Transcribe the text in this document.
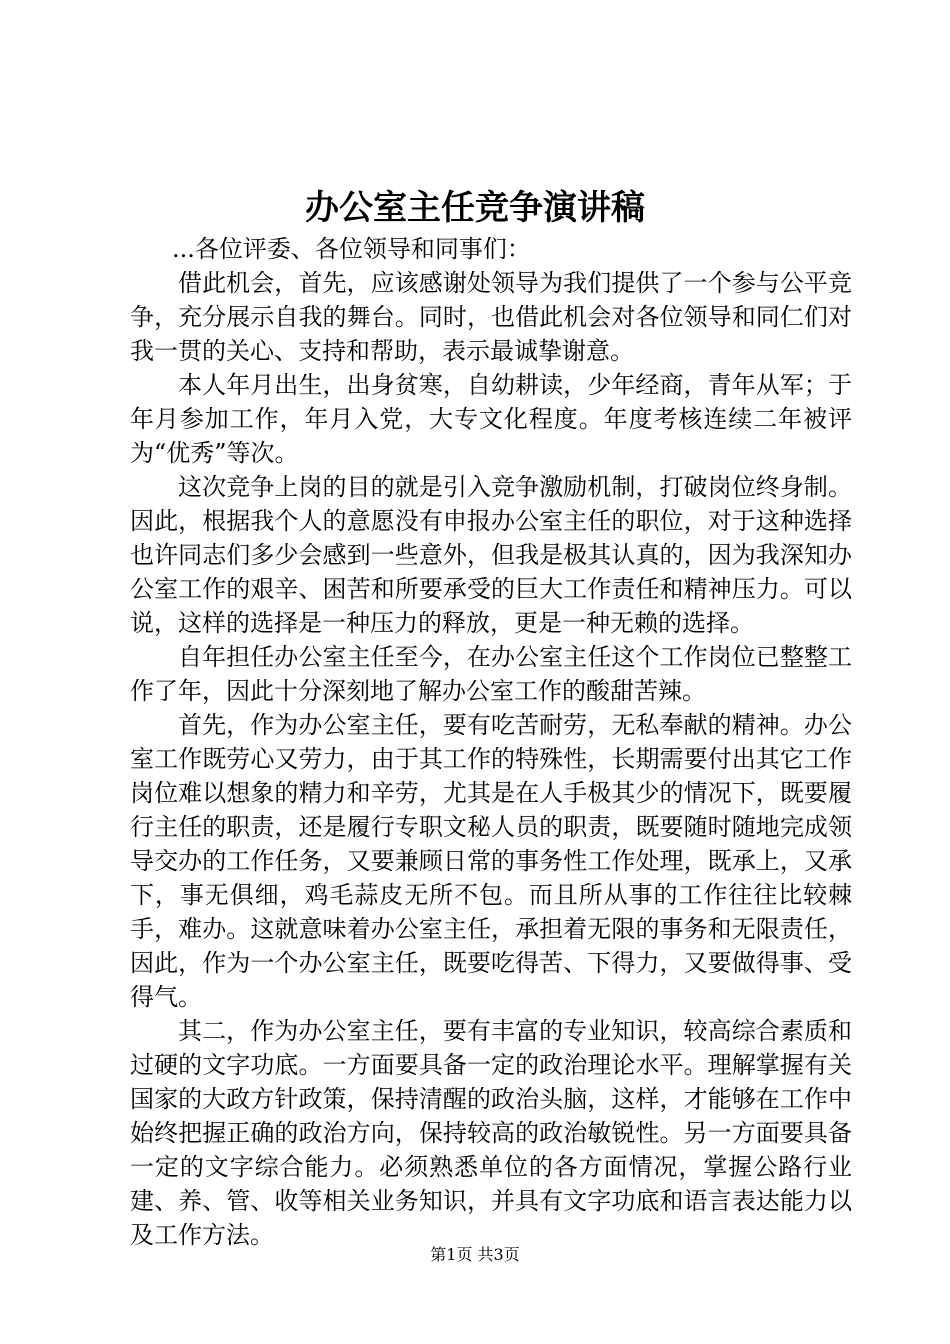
办公室主任竞争演讲稿

...各位评委、各位领导和同事们：

借此机会，首先，应该感谢处领导为我们提供了一个参与公平竞争，充分展示自我的舞台。同时，也借此机会对各位领导和同仁们对我一贯的关心、支持和帮助，表示最诚挚谢意。

本人年月出生，出身贫寒，自幼耕读，少年经商，青年从军；于年月参加工作，年月入党，大专文化程度。年度考核连续二年被评为“优秀”等次。

这次竞争上岗的目的就是引入竞争激励机制，打破岗位终身制。因此，根据我个人的意愿没有申报办公室主任的职位，对于这种选择也许同志们多少会感到一些意外，但我是极其认真的，因为我深知办公室工作的艰辛、困苦和所要承受的巨大工作责任和精神压力。可以说，这样的选择是一种压力的释放，更是一种无赖的选择。

自年担任办公室主任至今，在办公室主任这个工作岗位已整整工作了年，因此十分深刻地了解办公室工作的酸甜苦辣。

首先，作为办公室主任，要有吃苦耐劳，无私奉献的精神。办公室工作既劳心又劳力，由于其工作的特殊性，长期需要付出其它工作岗位难以想象的精力和辛劳，尤其是在人手极其少的情况下，既要履行主任的职责，还是履行专职文秘人员的职责，既要随时随地完成领导交办的工作任务，又要兼顾日常的事务性工作处理，既承上，又承下，事无俱细，鸡毛蒜皮无所不包。而且所从事的工作往往比较棘手，难办。这就意味着办公室主任，承担着无限的事务和无限责任，因此，作为一个办公室主任，既要吃得苦、下得力，又要做得事、受得气。

其二，作为办公室主任，要有丰富的专业知识，较高综合素质和过硬的文字功底。一方面要具备一定的政治理论水平。理解掌握有关国家的大政方针政策，保持清醒的政治头脑，这样，才能够在工作中始终把握正确的政治方向，保持较高的政治敏锐性。另一方面要具备一定的文字综合能力。必须熟悉单位的各方面情况，掌握公路行业建、养、管、收等相关业务知识，并具有文字功底和语言表达能力以及工作方法。

第1页 共3页
